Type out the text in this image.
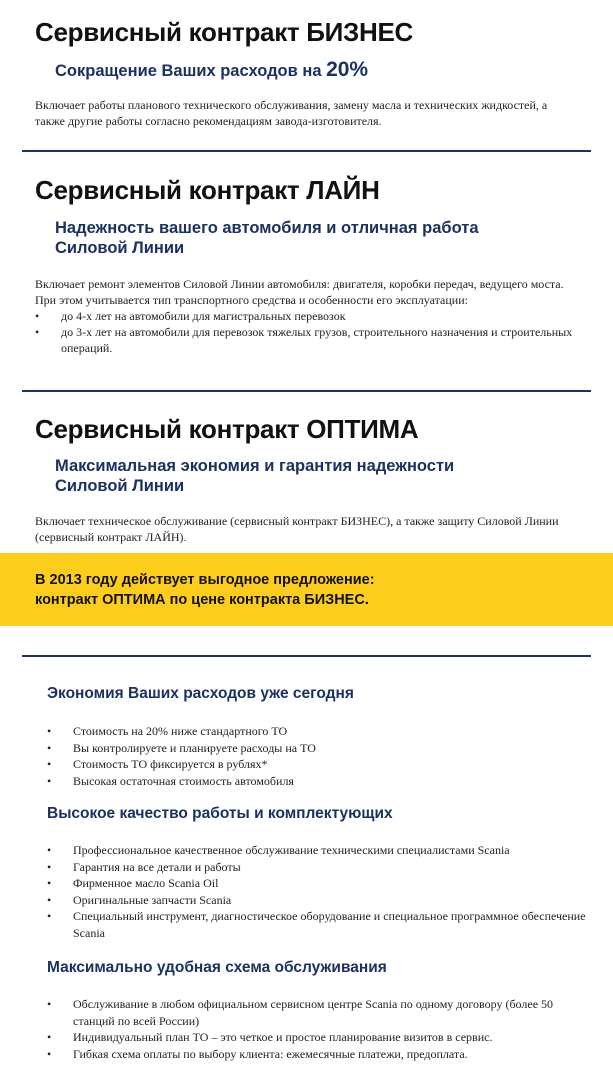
Сервисный контракт БИЗНЕС

Сокращение Ваших расходов на 20%

Включает работы планового технического обслуживания, замену масла и технических жидкостей, а также другие работы согласно рекомендациям завода-изготовителя.

Сервисный контракт ЛАЙН

Надежность вашего автомобиля и отличная работа
Силовой Линии

Включает ремонт элементов Силовой Линии автомобиля: двигателя, коробки передач, ведущего моста. При этом учитывается тип транспортного средства и особенности его эксплуатации:

• до 4-х лет на автомобили для магистральных перевозок
• до 3-х лет на автомобили для перевозок тяжелых грузов, строительного назначения и строительных операций.
Сервисный контракт ОПТИМА

Максимальная экономия и гарантия надежности
Силовой Линии

Включает техническое обслуживание (сервисный контракт БИЗНЕС), а также защиту Силовой Линии (сервисный контракт ЛАЙН).

В 2013 году действует выгодное предложение:
контракт ОПТИМА по цене контракта БИЗНЕС.

Экономия Ваших расходов уже сегодня
• Стоимость на 20% ниже стандартного ТО
• Вы контролируете и планируете расходы на ТО
• Стоимость ТО фиксируется в рублях*
• Высокая остаточная стоимость автомобиля
Высокое качество работы и комплектующих
• Профессиональное качественное обслуживание техническими специалистами Scania
• Гарантия на все детали и работы
• Фирменное масло Scania Oil
• Оригинальные запчасти Scania
• Специальный инструмент, диагностическое оборудование и специальное программное обеспечение Scania
Максимально удобная схема обслуживания
• Обслуживание в любом официальном сервисном центре Scania по одному договору (более 50 станций по всей России)
• Индивидуальный план ТО – это четкое и простое планирование визитов в сервис.
• Гибкая схема оплаты по выбору клиента: ежемесячные платежи, предоплата.
